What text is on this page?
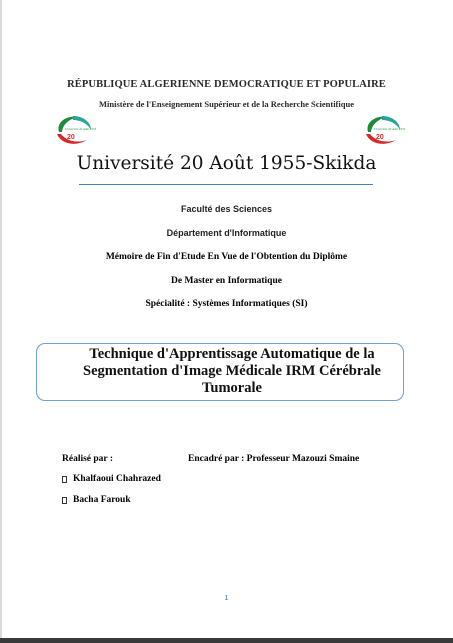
RÉPUBLIQUE ALGERIENNE DEMOCRATIQUE ET POPULAIRE
Ministère de l'Enseignement Supérieur et de la Recherche Scientifique
Université 20 Août 1955
20
Université 20 Août 1955
20
Université 20 Août 1955-Skikda
Faculté des Sciences
Département d'Informatique
Mémoire de Fin d'Etude En Vue de l'Obtention du Diplôme
De Master en Informatique
Spécialité : Systèmes Informatiques (SI)
Technique d'Apprentissage Automatique de la
Segmentation d'Image Médicale IRM Cérébrale
Tumorale
Réalisé par :	Encadré par : Professeur Mazouzi Smaine
Khalfaoui Chahrazed
Bacha Farouk
1
